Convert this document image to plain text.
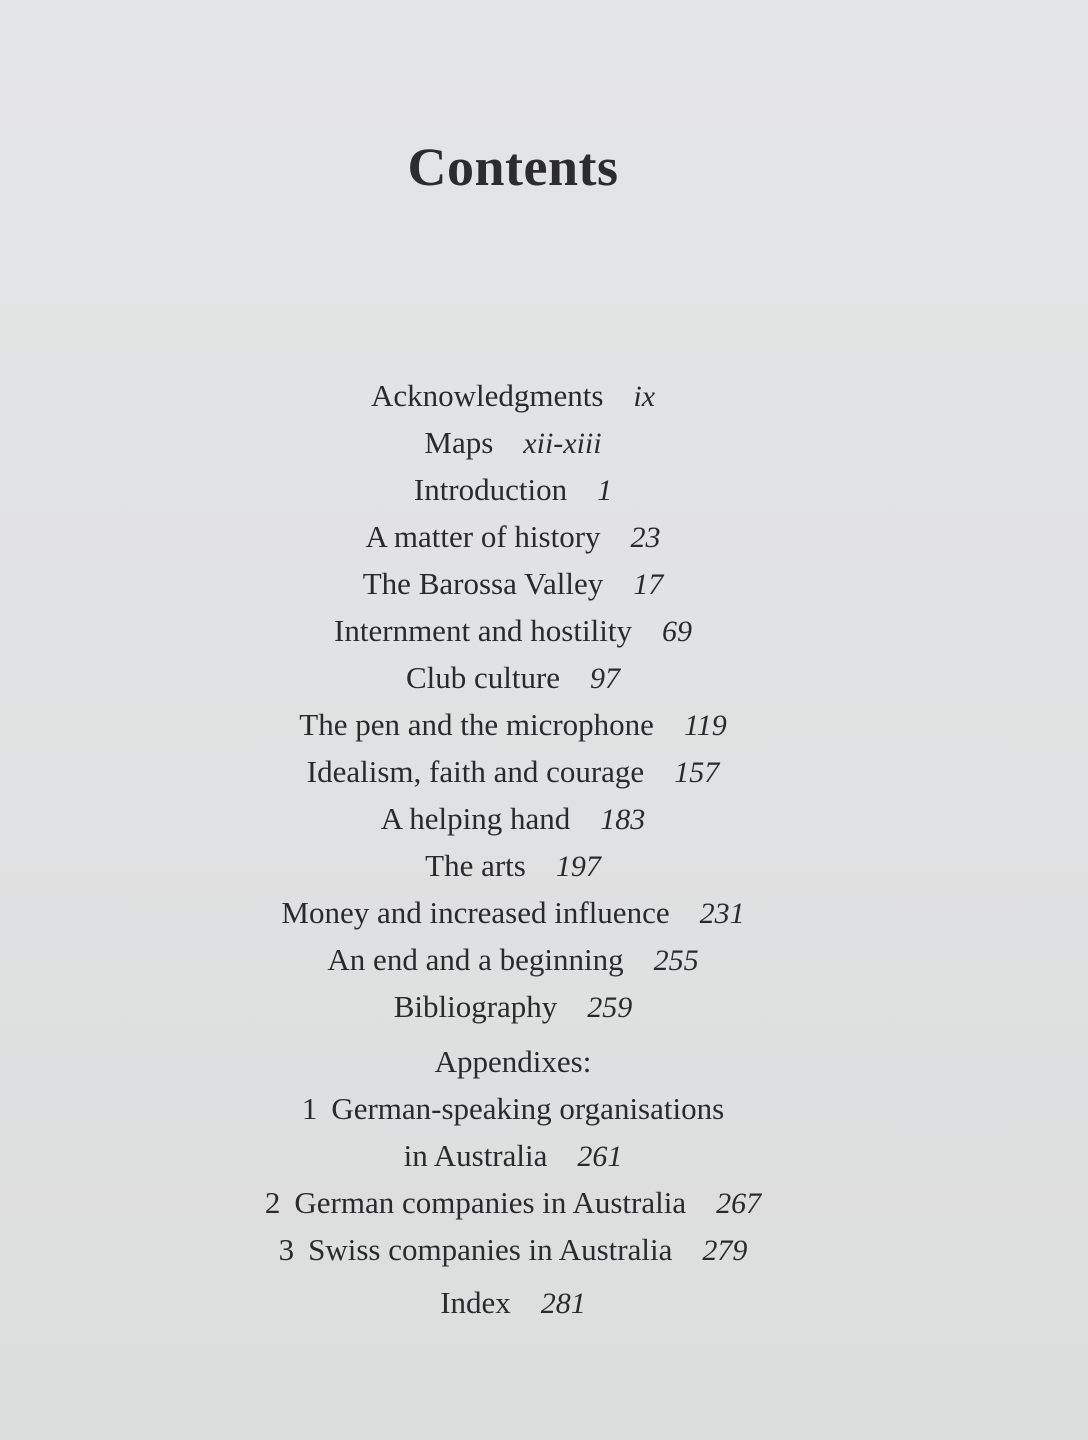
Contents
Acknowledgments ix
Maps xii-xiii
Introduction 1
A matter of history 23
The Barossa Valley 17
Internment and hostility 69
Club culture 97
The pen and the microphone 119
Idealism, faith and courage 157
A helping hand 183
The arts 197
Money and increased influence 231
An end and a beginning 255
Bibliography 259
Appendixes:
1 German-speaking organisations
in Australia 261
2 German companies in Australia 267
3 Swiss companies in Australia 279
Index 281
